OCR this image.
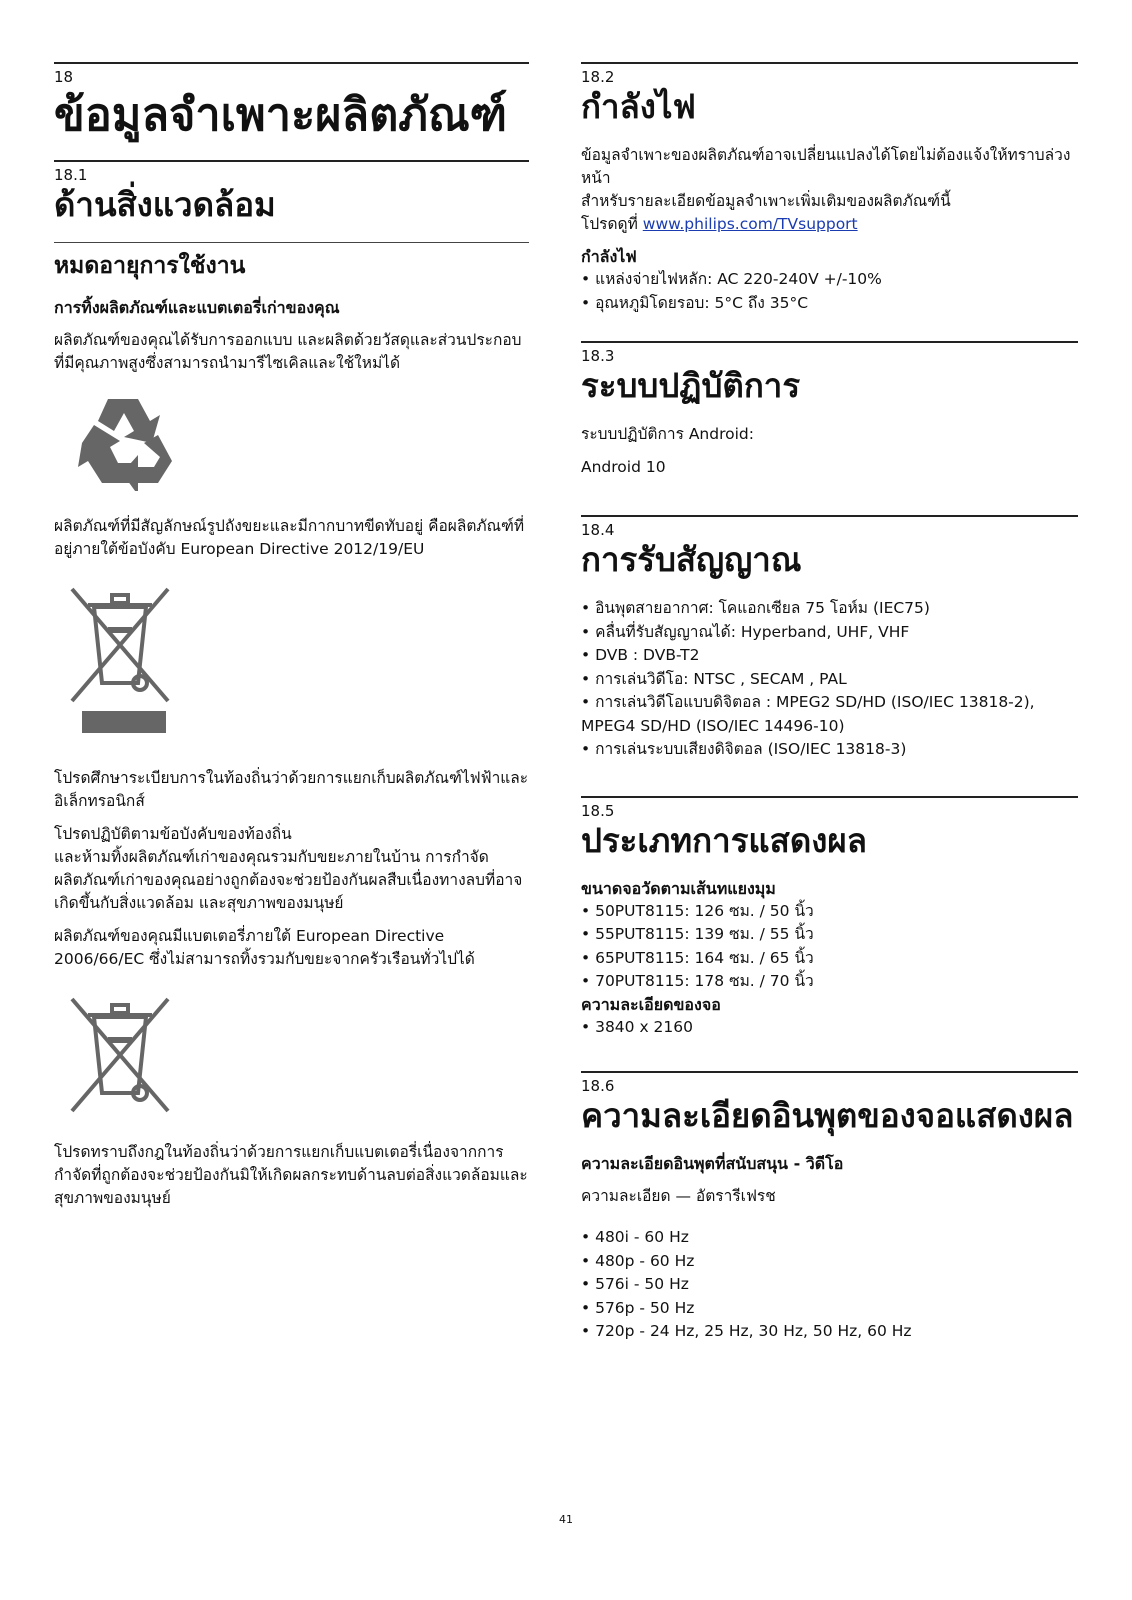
18
ข้อมูลจำเพาะผลิตภัณฑ์
18.1
ด้านสิ่งแวดล้อม
หมดอายุการใช้งาน
การทิ้งผลิตภัณฑ์และแบตเตอรี่เก่าของคุณ

ผลิตภัณฑ์ของคุณได้รับการออกแบบ และผลิตด้วยวัสดุและส่วนประกอบที่มีคุณภาพสูงซึ่งสามารถนำมารีไซเคิลและใช้ใหม่ได้

ผลิตภัณฑ์ที่มีสัญลักษณ์รูปถังขยะและมีกากบาทขีดทับอยู่ คือผลิตภัณฑ์ที่อยู่ภายใต้ข้อบังคับ European Directive 2012/19/EU

โปรดศึกษาระเบียบการในท้องถิ่นว่าด้วยการแยกเก็บผลิตภัณฑ์ไฟฟ้าและอิเล็กทรอนิกส์

โปรดปฏิบัติตามข้อบังคับของท้องถิ่น

และห้ามทิ้งผลิตภัณฑ์เก่าของคุณรวมกับขยะภายในบ้าน การกำจัดผลิตภัณฑ์เก่าของคุณอย่างถูกต้องจะช่วยป้องกันผลสืบเนื่องทางลบที่อาจเกิดขึ้นกับสิ่งแวดล้อม และสุขภาพของมนุษย์

ผลิตภัณฑ์ของคุณมีแบตเตอรี่ภายใต้ European Directive 2006/66/EC ซึ่งไม่สามารถทิ้งรวมกับขยะจากครัวเรือนทั่วไปได้

โปรดทราบถึงกฎในท้องถิ่นว่าด้วยการแยกเก็บแบตเตอรี่เนื่องจากการกำจัดที่ถูกต้องจะช่วยป้องกันมิให้เกิดผลกระทบด้านลบต่อสิ่งแวดล้อมและสุขภาพของมนุษย์

18.2
กำลังไฟ

ข้อมูลจำเพาะของผลิตภัณฑ์อาจเปลี่ยนแปลงได้โดยไม่ต้องแจ้งให้ทราบล่วงหน้า

สำหรับรายละเอียดข้อมูลจำเพาะเพิ่มเติมของผลิตภัณฑ์นี้

โปรดดูที่ www.philips.com/TVsupport

กำลังไฟ
• แหล่งจ่ายไฟหลัก: AC 220-240V +/-10%
• อุณหภูมิโดยรอบ: 5°C ถึง 35°C
18.3
ระบบปฏิบัติการ

ระบบปฏิบัติการ Android:

Android 10

18.4
การรับสัญญาณ
• อินพุตสายอากาศ: โคแอกเซียล 75 โอห์ม (IEC75)
• คลื่นที่รับสัญญาณได้: Hyperband, UHF, VHF
• DVB : DVB-T2
• การเล่นวิดีโอ: NTSC , SECAM , PAL
• การเล่นวิดีโอแบบดิจิตอล : MPEG2 SD/HD (ISO/IEC 13818-2), MPEG4 SD/HD (ISO/IEC 14496-10)
• การเล่นระบบเสียงดิจิตอล (ISO/IEC 13818-3)
18.5
ประเภทการแสดงผล
ขนาดจอวัดตามเส้นทแยงมุม
• 50PUT8115: 126 ซม. / 50 นิ้ว
• 55PUT8115: 139 ซม. / 55 นิ้ว
• 65PUT8115: 164 ซม. / 65 นิ้ว
• 70PUT8115: 178 ซม. / 70 นิ้ว
ความละเอียดของจอ
• 3840 x 2160
18.6
ความละเอียดอินพุตของจอแสดงผล
ความละเอียดอินพุตที่สนับสนุน - วิดีโอ

ความละเอียด — อัตรารีเฟรช

• 480i - 60 Hz
• 480p - 60 Hz
• 576i - 50 Hz
• 576p - 50 Hz
• 720p - 24 Hz, 25 Hz, 30 Hz, 50 Hz, 60 Hz
41
